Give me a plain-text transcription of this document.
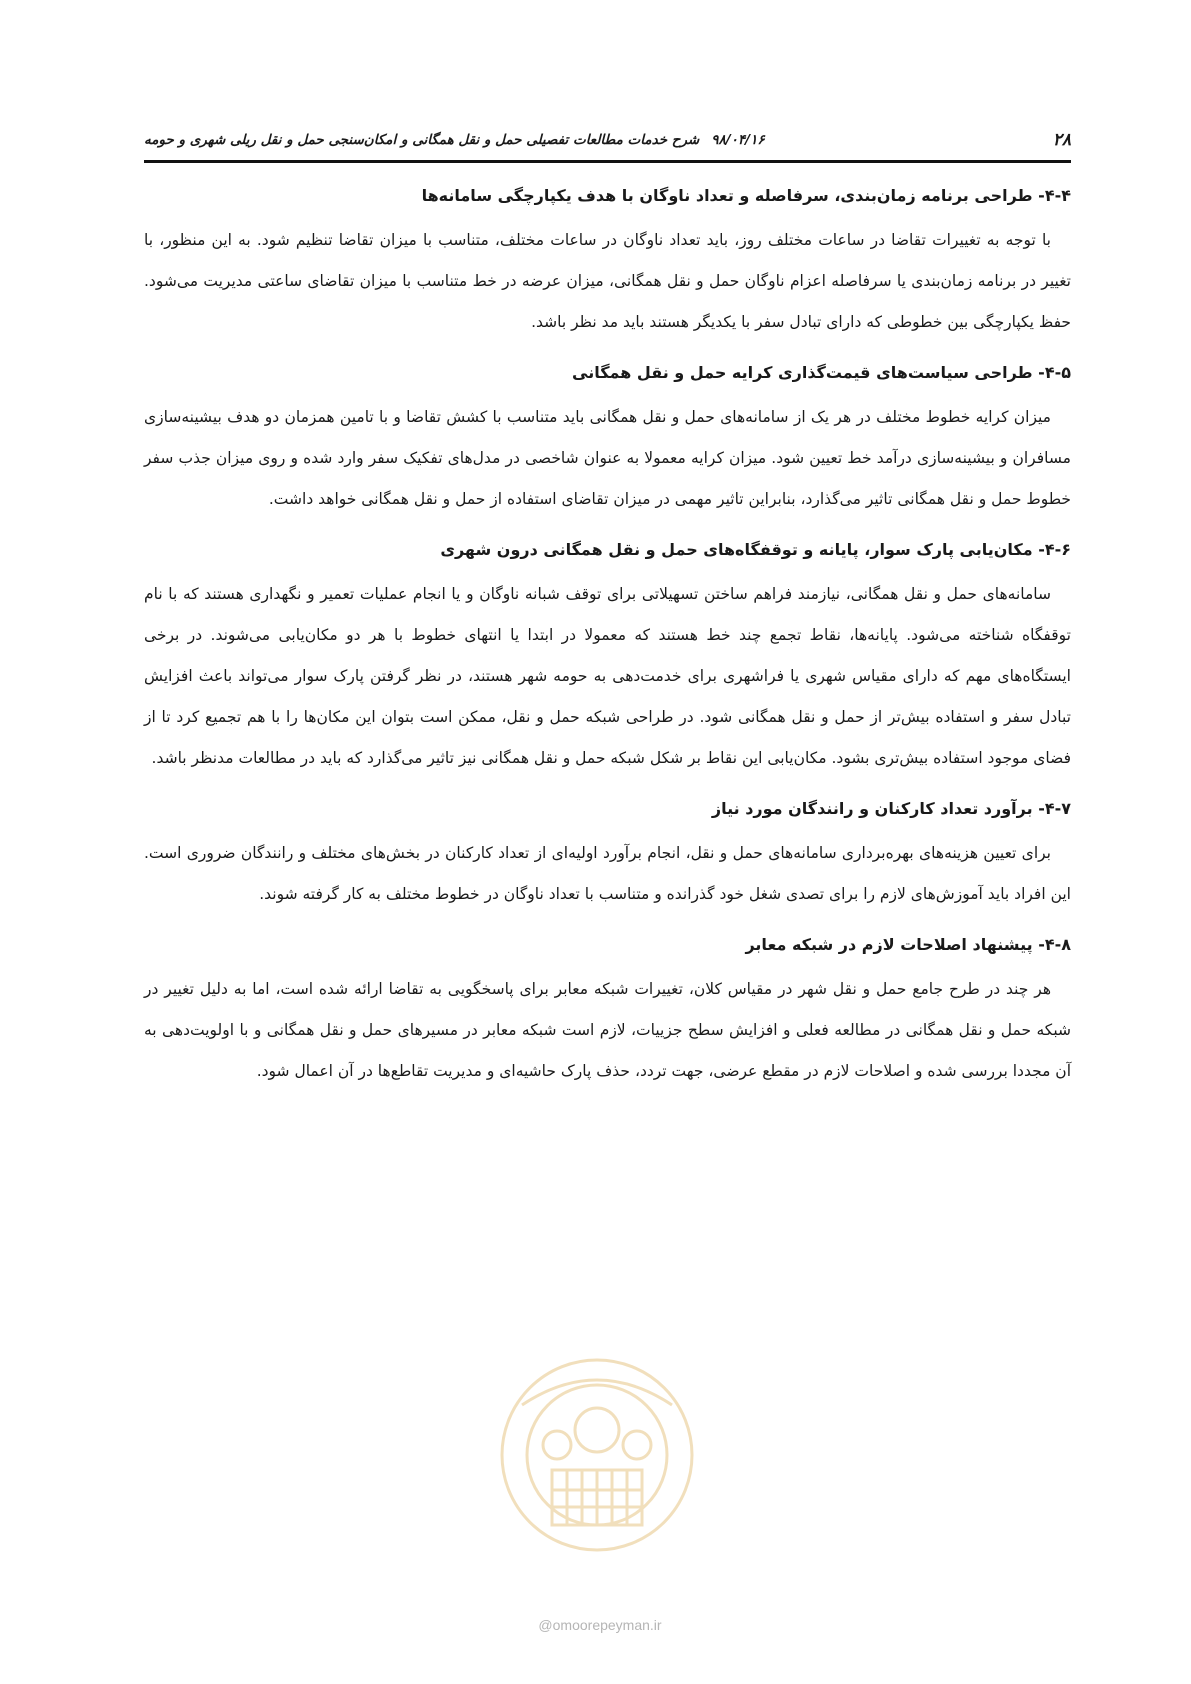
۲۸
۹۸/۰۴/۱۶شرح خدمات مطالعات تفصیلی حمل و نقل همگانی و امکان‌سنجی حمل و نقل ریلی شهری و حومه
۴-۴- طراحی برنامه زمان‌بندی، سرفاصله و تعداد ناوگان با هدف یکپارچگی سامانه‌ها

با توجه به تغییرات تقاضا در ساعات مختلف روز، باید تعداد ناوگان در ساعات مختلف، متناسب با میزان تقاضا تنظیم شود. به این منظور، با تغییر در برنامه زمان‌بندی یا سرفاصله اعزام ناوگان حمل و نقل همگانی، میزان عرضه در خط متناسب با میزان تقاضای ساعتی مدیریت می‌شود. حفظ یکپارچگی بین خطوطی که دارای تبادل سفر با یکدیگر هستند باید مد نظر باشد.

۴-۵- طراحی سیاست‌های قیمت‌گذاری کرایه حمل و نقل همگانی

میزان کرایه خطوط مختلف در هر یک از سامانه‌های حمل و نقل همگانی باید متناسب با کشش تقاضا و با تامین همزمان دو هدف بیشینه‌سازی مسافران و بیشینه‌سازی درآمد خط تعیین شود. میزان کرایه معمولا به عنوان شاخصی در مدل‌های تفکیک سفر وارد شده و روی میزان جذب سفر خطوط حمل و نقل همگانی تاثیر می‌گذارد، بنابراین تاثیر مهمی در میزان تقاضای استفاده از حمل و نقل همگانی خواهد داشت.

۴-۶- مکان‌یابی پارک سوار، پایانه و توقفگاه‌های حمل و نقل همگانی درون شهری

سامانه‌های حمل و نقل همگانی، نیازمند فراهم ساختن تسهیلاتی برای توقف شبانه ناوگان و یا انجام عملیات تعمیر و نگهداری هستند که با نام توقفگاه شناخته می‌شود. پایانه‌ها، نقاط تجمع چند خط هستند که معمولا در ابتدا یا انتهای خطوط با هر دو مکان‌یابی می‌شوند. در برخی ایستگاه‌های مهم که دارای مقیاس شهری یا فراشهری برای خدمت‌دهی به حومه شهر هستند، در نظر گرفتن پارک سوار می‌تواند باعث افزایش تبادل سفر و استفاده بیش‌تر از حمل و نقل همگانی شود. در طراحی شبکه حمل و نقل، ممکن است بتوان این مکان‌ها را با هم تجمیع کرد تا از فضای موجود استفاده بیش‌تری بشود. مکان‌یابی این نقاط بر شکل شبکه حمل و نقل همگانی نیز تاثیر می‌گذارد که باید در مطالعات مدنظر باشد.

۴-۷- برآورد تعداد کارکنان و رانندگان مورد نیاز

برای تعیین هزینه‌های بهره‌برداری سامانه‌های حمل و نقل، انجام برآورد اولیه‌ای از تعداد کارکنان در بخش‌های مختلف و رانندگان ضروری است. این افراد باید آموزش‌های لازم را برای تصدی شغل خود گذرانده و متناسب با تعداد ناوگان در خطوط مختلف به کار گرفته شوند.

۴-۸- پیشنهاد اصلاحات لازم در شبکه معابر

هر چند در طرح جامع حمل و نقل شهر در مقیاس کلان، تغییرات شبکه معابر برای پاسخگویی به تقاضا ارائه شده است، اما به دلیل تغییر در شبکه حمل و نقل همگانی در مطالعه فعلی و افزایش سطح جزییات، لازم است شبکه معابر در مسیرهای حمل و نقل همگانی و با اولویت‌دهی به آن مجددا بررسی شده و اصلاحات لازم در مقطع عرضی، جهت تردد، حذف پارک حاشیه‌ای و مدیریت تقاطع‌ها در آن اعمال شود.

@omoorepeyman.ir
